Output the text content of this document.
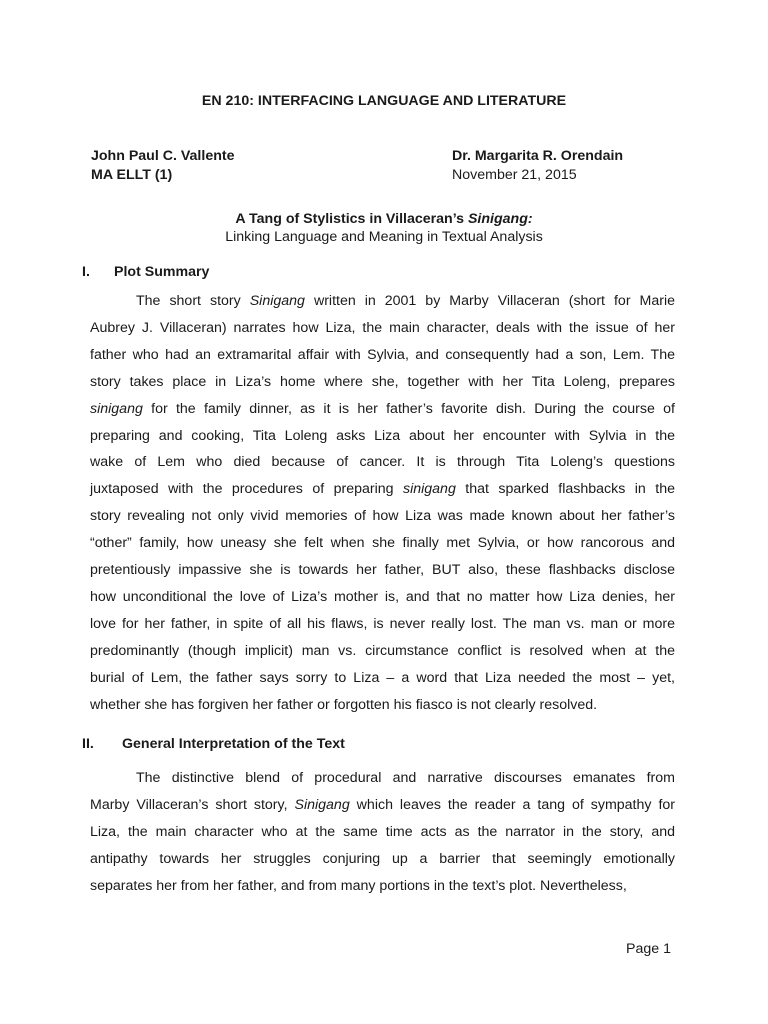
EN 210: INTERFACING LANGUAGE AND LITERATURE
John Paul C. Vallente
MA ELLT (1)
Dr. Margarita R. Orendain
November 21, 2015
A Tang of Stylistics in Villaceran’s Sinigang:
Linking Language and Meaning in Textual Analysis
I. Plot Summary
The short story Sinigang written in 2001 by Marby Villaceran (short for Marie
Aubrey J. Villaceran) narrates how Liza, the main character, deals with the issue of her
father who had an extramarital affair with Sylvia, and consequently had a son, Lem. The
story takes place in Liza’s home where she, together with her Tita Loleng, prepares
sinigang for the family dinner, as it is her father’s favorite dish. During the course of
preparing and cooking, Tita Loleng asks Liza about her encounter with Sylvia in the
wake of Lem who died because of cancer. It is through Tita Loleng’s questions
juxtaposed with the procedures of preparing sinigang that sparked flashbacks in the
story revealing not only vivid memories of how Liza was made known about her father’s
“other” family, how uneasy she felt when she finally met Sylvia, or how rancorous and
pretentiously impassive she is towards her father, BUT also, these flashbacks disclose
how unconditional the love of Liza’s mother is, and that no matter how Liza denies, her
love for her father, in spite of all his flaws, is never really lost. The man vs. man or more
predominantly (though implicit) man vs. circumstance conflict is resolved when at the
burial of Lem, the father says sorry to Liza – a word that Liza needed the most – yet,
whether she has forgiven her father or forgotten his fiasco is not clearly resolved.
II. General Interpretation of the Text
The distinctive blend of procedural and narrative discourses emanates from
Marby Villaceran’s short story, Sinigang which leaves the reader a tang of sympathy for
Liza, the main character who at the same time acts as the narrator in the story, and
antipathy towards her struggles conjuring up a barrier that seemingly emotionally
separates her from her father, and from many portions in the text’s plot. Nevertheless,
Page 1
